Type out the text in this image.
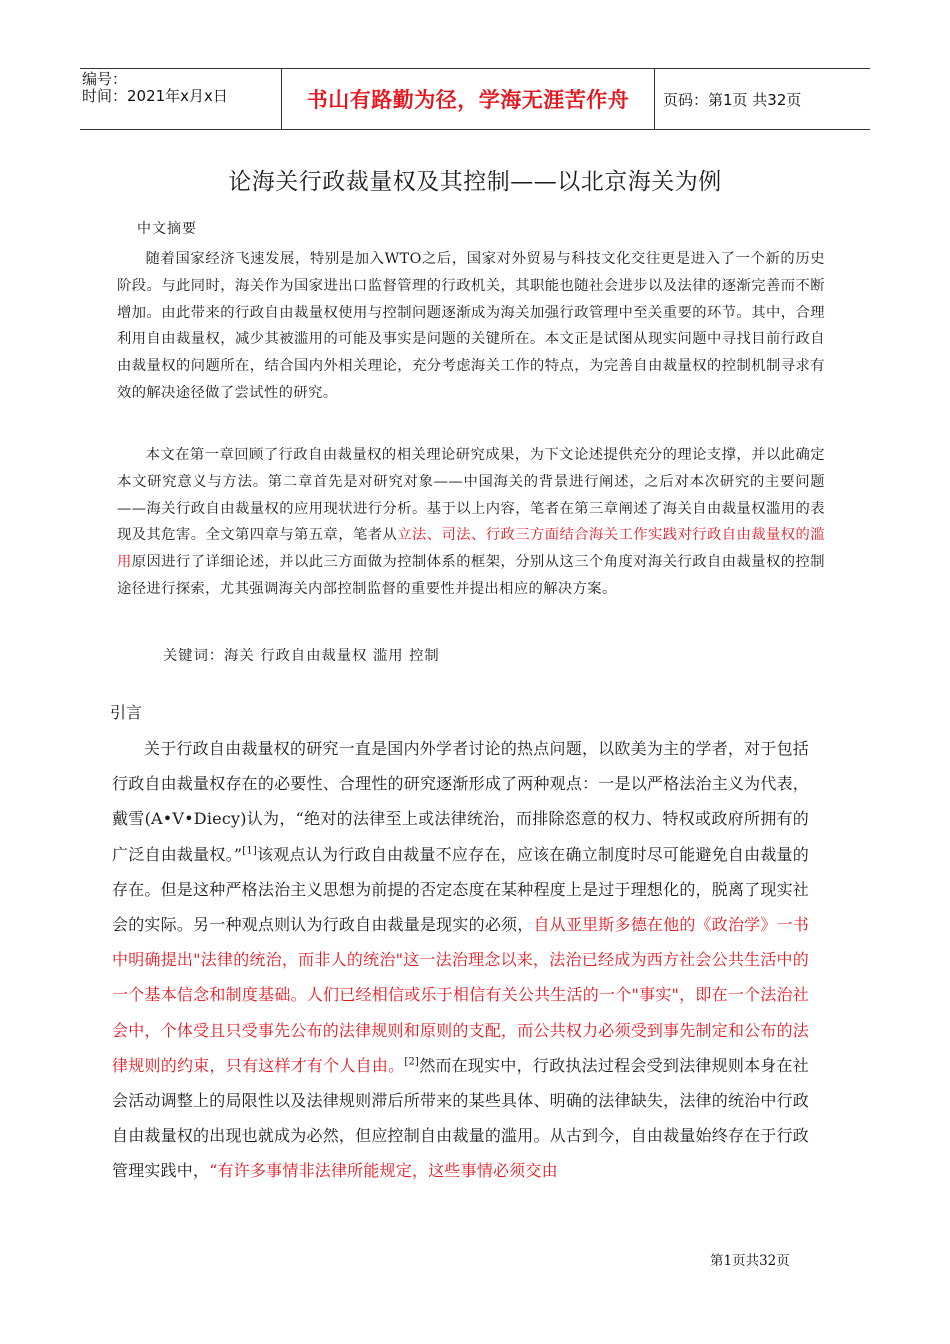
编号：
时间：2021年x月x日	书山有路勤为径，学海无涯苦作舟	页码：第1页 共32页
论海关行政裁量权及其控制——以北京海关为例
中文摘要

随着国家经济飞速发展，特别是加入WTO之后，国家对外贸易与科技文化交往更是进入了一个新的历史阶段。与此同时，海关作为国家进出口监督管理的行政机关，其职能也随社会进步以及法律的逐渐完善而不断增加。由此带来的行政自由裁量权使用与控制问题逐渐成为海关加强行政管理中至关重要的环节。其中，合理利用自由裁量权，减少其被滥用的可能及事实是问题的关键所在。本文正是试图从现实问题中寻找目前行政自由裁量权的问题所在，结合国内外相关理论，充分考虑海关工作的特点，为完善自由裁量权的控制机制寻求有效的解决途径做了尝试性的研究。

本文在第一章回顾了行政自由裁量权的相关理论研究成果，为下文论述提供充分的理论支撑，并以此确定本文研究意义与方法。第二章首先是对研究对象——中国海关的背景进行阐述，之后对本次研究的主要问题——海关行政自由裁量权的应用现状进行分析。基于以上内容，笔者在第三章阐述了海关自由裁量权滥用的表现及其危害。全文第四章与第五章，笔者从立法、司法、行政三方面结合海关工作实践对行政自由裁量权的滥用原因进行了详细论述，并以此三方面做为控制体系的框架，分别从这三个角度对海关行政自由裁量权的控制途径进行探索，尤其强调海关内部控制监督的重要性并提出相应的解决方案。

关键词：海关 行政自由裁量权 滥用 控制
引言

关于行政自由裁量权的研究一直是国内外学者讨论的热点问题，以欧美为主的学者，对于包括行政自由裁量权存在的必要性、合理性的研究逐渐形成了两种观点：一是以严格法治主义为代表，戴雪(A•V•Diecy)认为，“绝对的法律至上或法律统治，而排除恣意的权力、特权或政府所拥有的广泛自由裁量权。”[1]该观点认为行政自由裁量不应存在，应该在确立制度时尽可能避免自由裁量的存在。但是这种严格法治主义思想为前提的否定态度在某种程度上是过于理想化的，脱离了现实社会的实际。另一种观点则认为行政自由裁量是现实的必须，自从亚里斯多德在他的《政治学》一书中明确提出"法律的统治，而非人的统治"这一法治理念以来，法治已经成为西方社会公共生活中的一个基本信念和制度基础。人们已经相信或乐于相信有关公共生活的一个"事实"，即在一个法治社会中，个体受且只受事先公布的法律规则和原则的支配，而公共权力必须受到事先制定和公布的法律规则的约束，只有这样才有个人自由。[2]然而在现实中，行政执法过程会受到法律规则本身在社会活动调整上的局限性以及法律规则滞后所带来的某些具体、明确的法律缺失，法律的统治中行政自由裁量权的出现也就成为必然，但应控制自由裁量的滥用。从古到今，自由裁量始终存在于行政管理实践中，“有许多事情非法律所能规定，这些事情必须交由

第1页共32页
